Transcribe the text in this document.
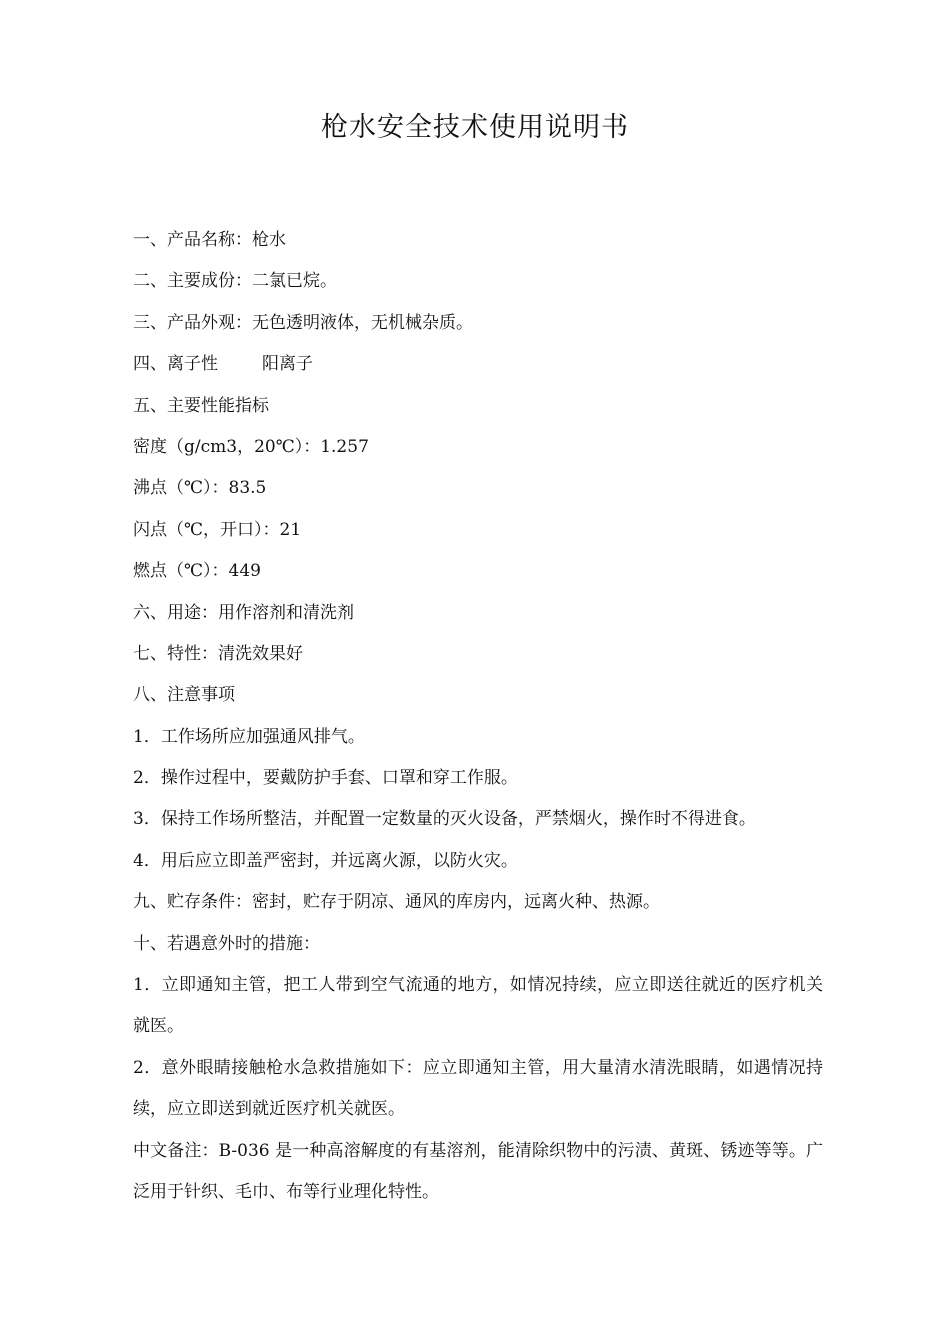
枪水安全技术使用说明书
一、产品名称：枪水
二、主要成份：二氯已烷。
三、产品外观：无色透明液体，无机械杂质。
四、离子性	阳离子
五、主要性能指标
密度（g/cm3，20℃）：1.257
沸点（℃）：83.5
闪点（℃，开口）：21
燃点（℃）：449
六、用途：用作溶剂和清洗剂
七、特性：清洗效果好
八、注意事项
1．工作场所应加强通风排气。
2．操作过程中，要戴防护手套、口罩和穿工作服。
3．保持工作场所整洁，并配置一定数量的灭火设备，严禁烟火，操作时不得进食。
4．用后应立即盖严密封，并远离火源，以防火灾。
九、贮存条件：密封，贮存于阴凉、通风的库房内，远离火种、热源。
十、若遇意外时的措施：
1．立即通知主管，把工人带到空气流通的地方，如情况持续，应立即送往就近的医疗机关就医。
2．意外眼睛接触枪水急救措施如下：应立即通知主管，用大量清水清洗眼睛，如遇情况持续，应立即送到就近医疗机关就医。
中文备注：B-036 是一种高溶解度的有基溶剂，能清除织物中的污渍、黄斑、锈迹等等。广泛用于针织、毛巾、布等行业理化特性。
